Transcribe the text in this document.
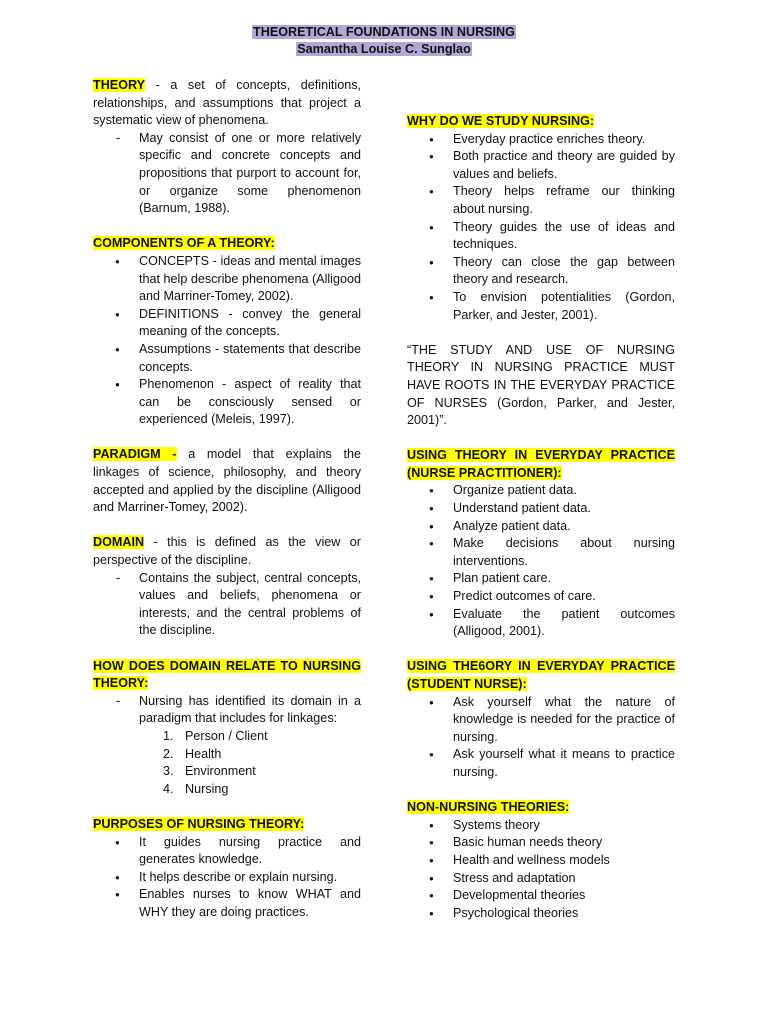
THEORETICAL FOUNDATIONS IN NURSING
Samantha Louise C. Sunglao

THEORY - a set of concepts, definitions, relationships, and assumptions that project a systematic view of phenomena.

- May consist of one or more relatively specific and concrete concepts and propositions that purport to account for, or organize some phenomenon (Barnum, 1988).

COMPONENTS OF A THEORY:

● CONCEPTS - ideas and mental images that help describe phenomena (Alligood and Marriner-Tomey, 2002).
● DEFINITIONS - convey the general meaning of the concepts.
● Assumptions - statements that describe concepts.
● Phenomenon - aspect of reality that can be consciously sensed or experienced (Meleis, 1997).

PARADIGM - a model that explains the linkages of science, philosophy, and theory accepted and applied by the discipline (Alligood and Marriner-Tomey, 2002).

DOMAIN - this is defined as the view or perspective of the discipline.

- Contains the subject, central concepts, values and beliefs, phenomena or interests, and the central problems of the discipline.

HOW DOES DOMAIN RELATE TO NURSING THEORY:

- Nursing has identified its domain in a paradigm that includes for linkages:
1. Person / Client
2. Health
3. Environment
4. Nursing

PURPOSES OF NURSING THEORY:

● It guides nursing practice and generates knowledge.
● It helps describe or explain nursing.
● Enables nurses to know WHAT and WHY they are doing practices.

WHY DO WE STUDY NURSING:

● Everyday practice enriches theory.
● Both practice and theory are guided by values and beliefs.
● Theory helps reframe our thinking about nursing.
● Theory guides the use of ideas and techniques.
● Theory can close the gap between theory and research.
● To envision potentialities (Gordon, Parker, and Jester, 2001).

“THE STUDY AND USE OF NURSING THEORY IN NURSING PRACTICE MUST HAVE ROOTS IN THE EVERYDAY PRACTICE OF NURSES (Gordon, Parker, and Jester, 2001)”.

USING THEORY IN EVERYDAY PRACTICE (NURSE PRACTITIONER):

● Organize patient data.
● Understand patient data.
● Analyze patient data.
● Make decisions about nursing interventions.
● Plan patient care.
● Predict outcomes of care.
● Evaluate the patient outcomes (Alligood, 2001).

USING THE6ORY IN EVERYDAY PRACTICE (STUDENT NURSE):

● Ask yourself what the nature of knowledge is needed for the practice of nursing.
● Ask yourself what it means to practice nursing.

NON-NURSING THEORIES:

● Systems theory
● Basic human needs theory
● Health and wellness models
● Stress and adaptation
● Developmental theories
● Psychological theories
